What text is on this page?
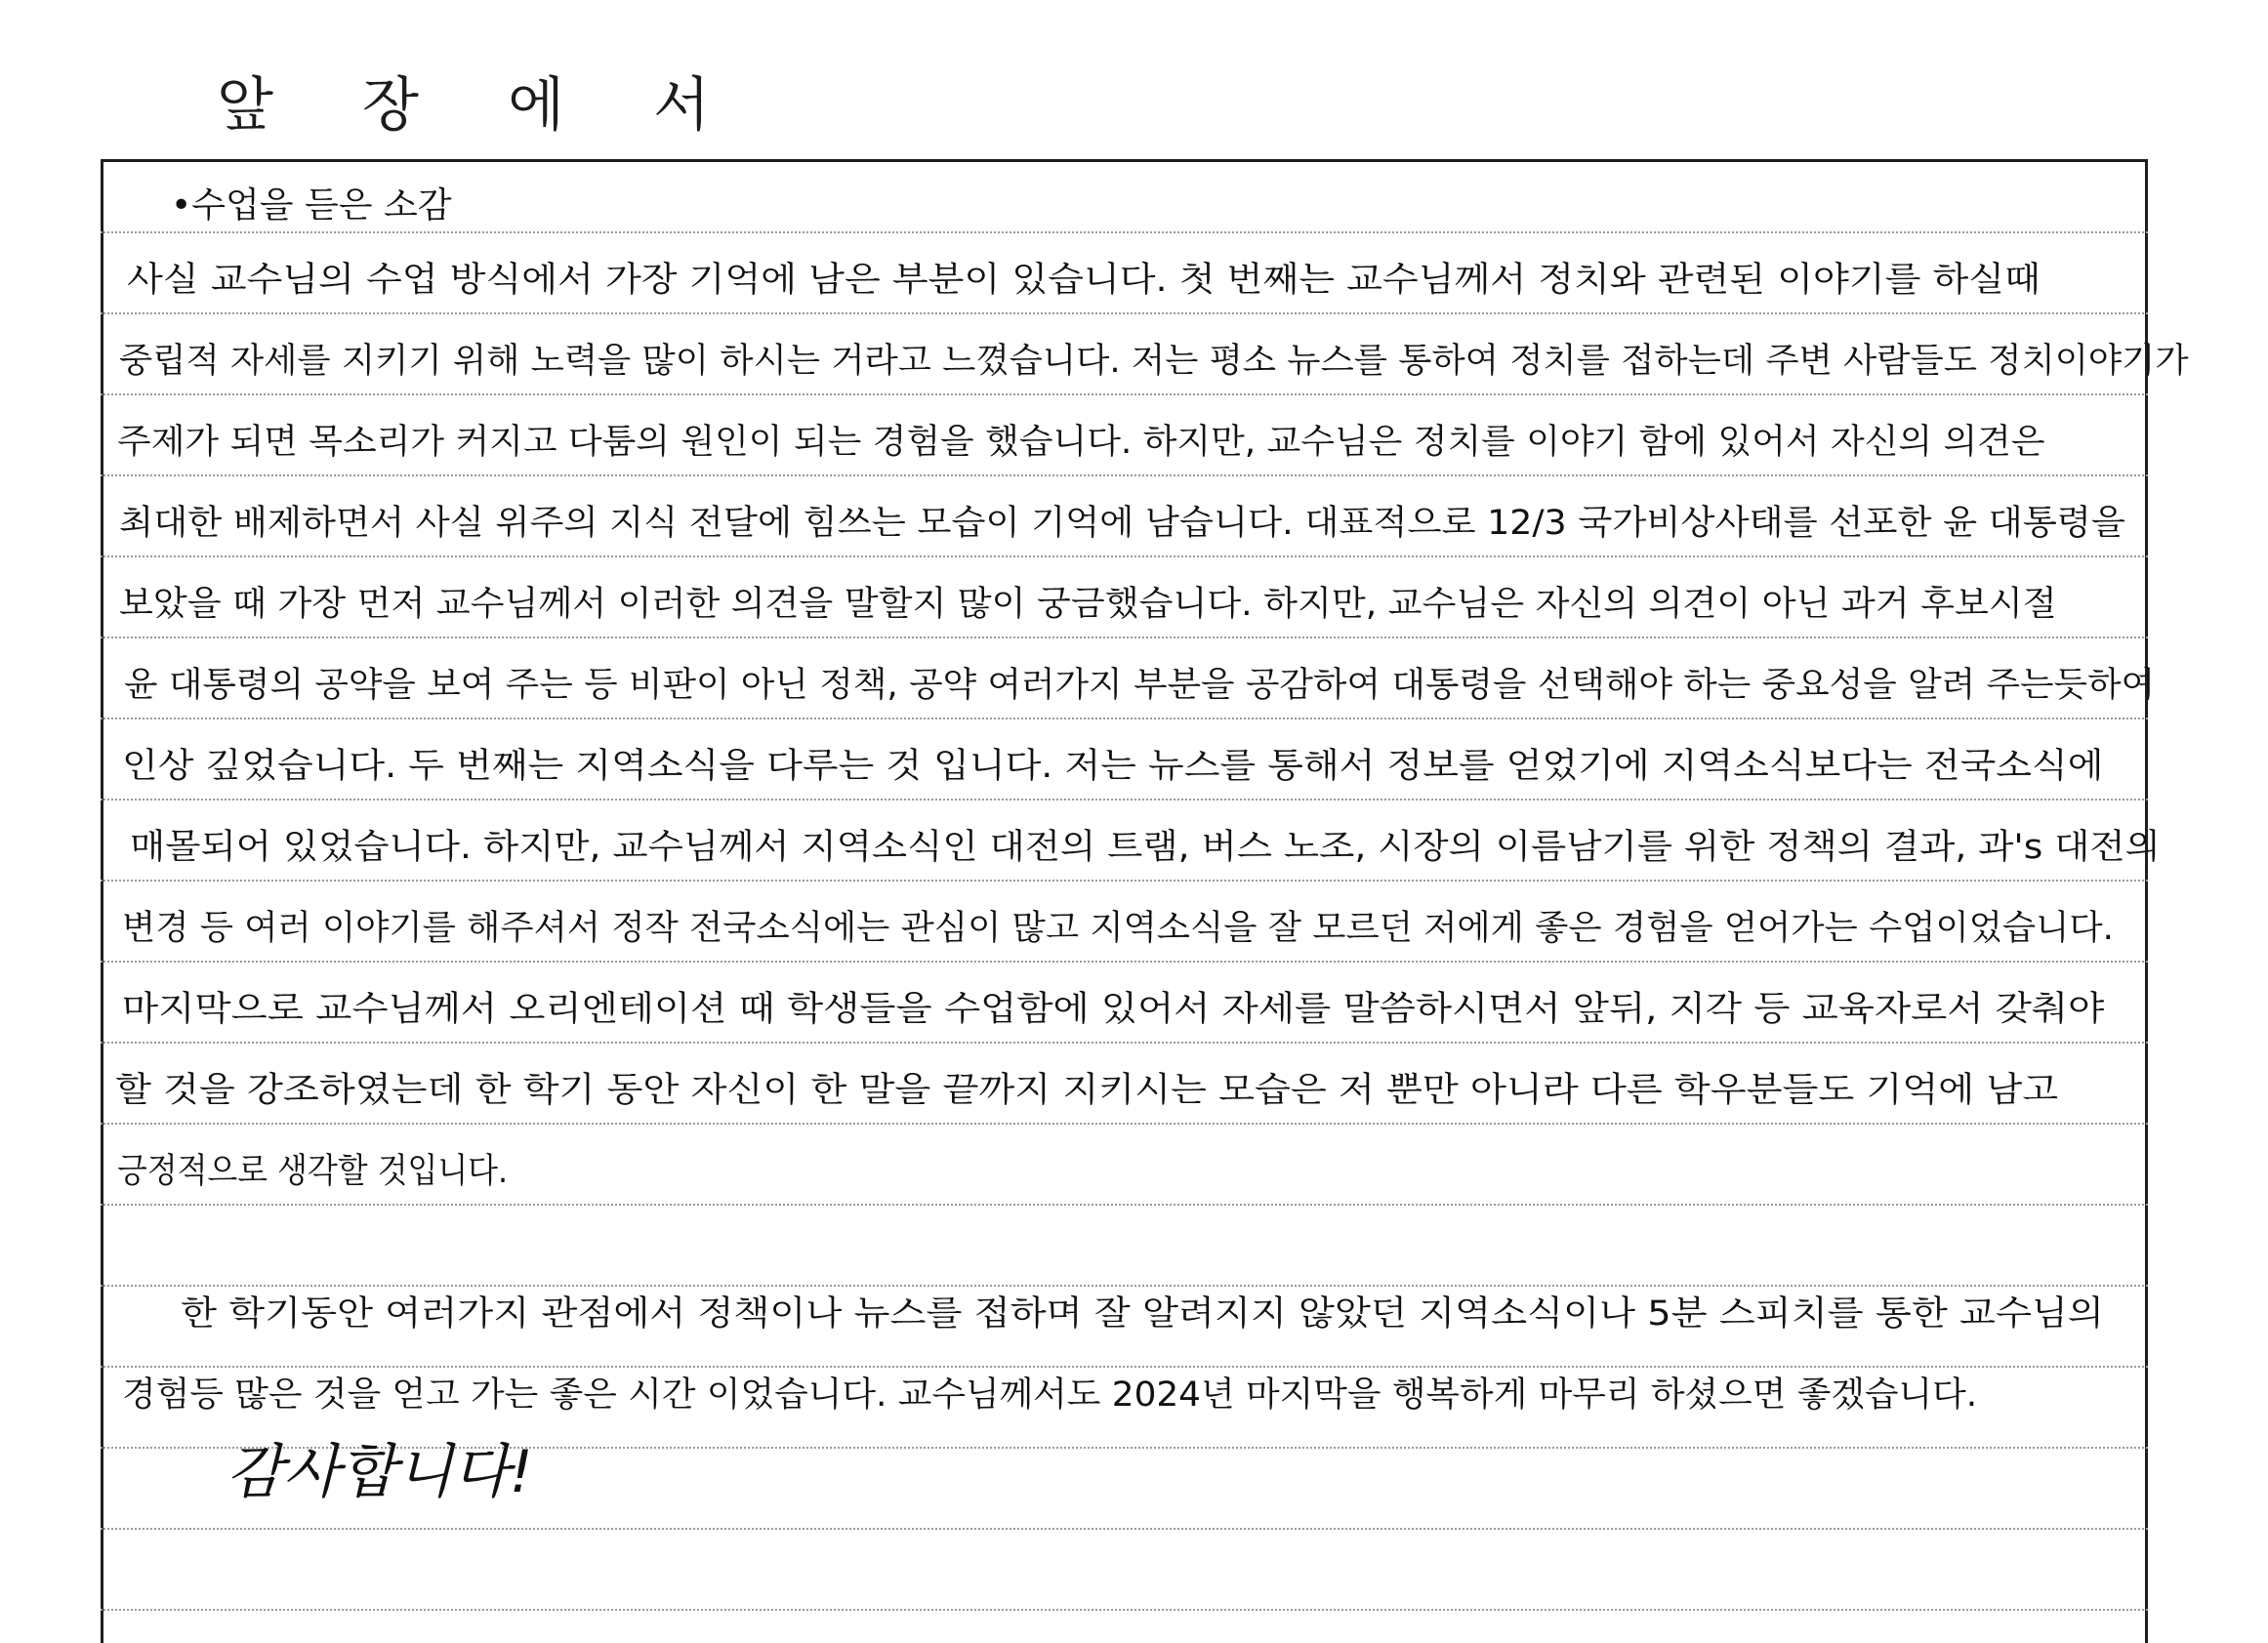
앞 장 에 서
•수업을 듣은 소감
사실 교수님의 수업 방식에서 가장 기억에 남은 부분이 있습니다. 첫 번째는 교수님께서 정치와 관련된 이야기를 하실때
중립적 자세를 지키기 위해 노력을 많이 하시는 거라고 느꼈습니다. 저는 평소 뉴스를 통하여 정치를 접하는데 주변 사람들도 정치이야기가
주제가 되면 목소리가 커지고 다툼의 원인이 되는 경험을 했습니다. 하지만, 교수님은 정치를 이야기 함에 있어서 자신의 의견은
최대한 배제하면서 사실 위주의 지식 전달에 힘쓰는 모습이 기억에 남습니다. 대표적으로 12/3 국가비상사태를 선포한 윤 대통령을
보았을 때 가장 먼저 교수님께서 이러한 의견을 말할지 많이 궁금했습니다. 하지만, 교수님은 자신의 의견이 아닌 과거 후보시절
윤 대통령의 공약을 보여 주는 등 비판이 아닌 정책, 공약 여러가지 부분을 공감하여 대통령을 선택해야 하는 중요성을 알려 주는듯하여
인상 깊었습니다. 두 번째는 지역소식을 다루는 것 입니다. 저는 뉴스를 통해서 정보를 얻었기에 지역소식보다는 전국소식에
매몰되어 있었습니다. 하지만, 교수님께서 지역소식인 대전의 트램, 버스 노조, 시장의 이름남기를 위한 정책의 결과, 과's 대전의
변경 등 여러 이야기를 해주셔서 정작 전국소식에는 관심이 많고 지역소식을 잘 모르던 저에게 좋은 경험을 얻어가는 수업이었습니다.
마지막으로 교수님께서 오리엔테이션 때 학생들을 수업함에 있어서 자세를 말씀하시면서 앞뒤, 지각 등 교육자로서 갖춰야
할 것을 강조하였는데 한 학기 동안 자신이 한 말을 끝까지 지키시는 모습은 저 뿐만 아니라 다른 학우분들도 기억에 남고
긍정적으로 생각할 것입니다.
한 학기동안 여러가지 관점에서 정책이나 뉴스를 접하며 잘 알려지지 않았던 지역소식이나 5분 스피치를 통한 교수님의
경험등 많은 것을 얻고 가는 좋은 시간 이었습니다. 교수님께서도 2024년 마지막을 행복하게 마무리 하셨으면 좋겠습니다.
감사합니다!
